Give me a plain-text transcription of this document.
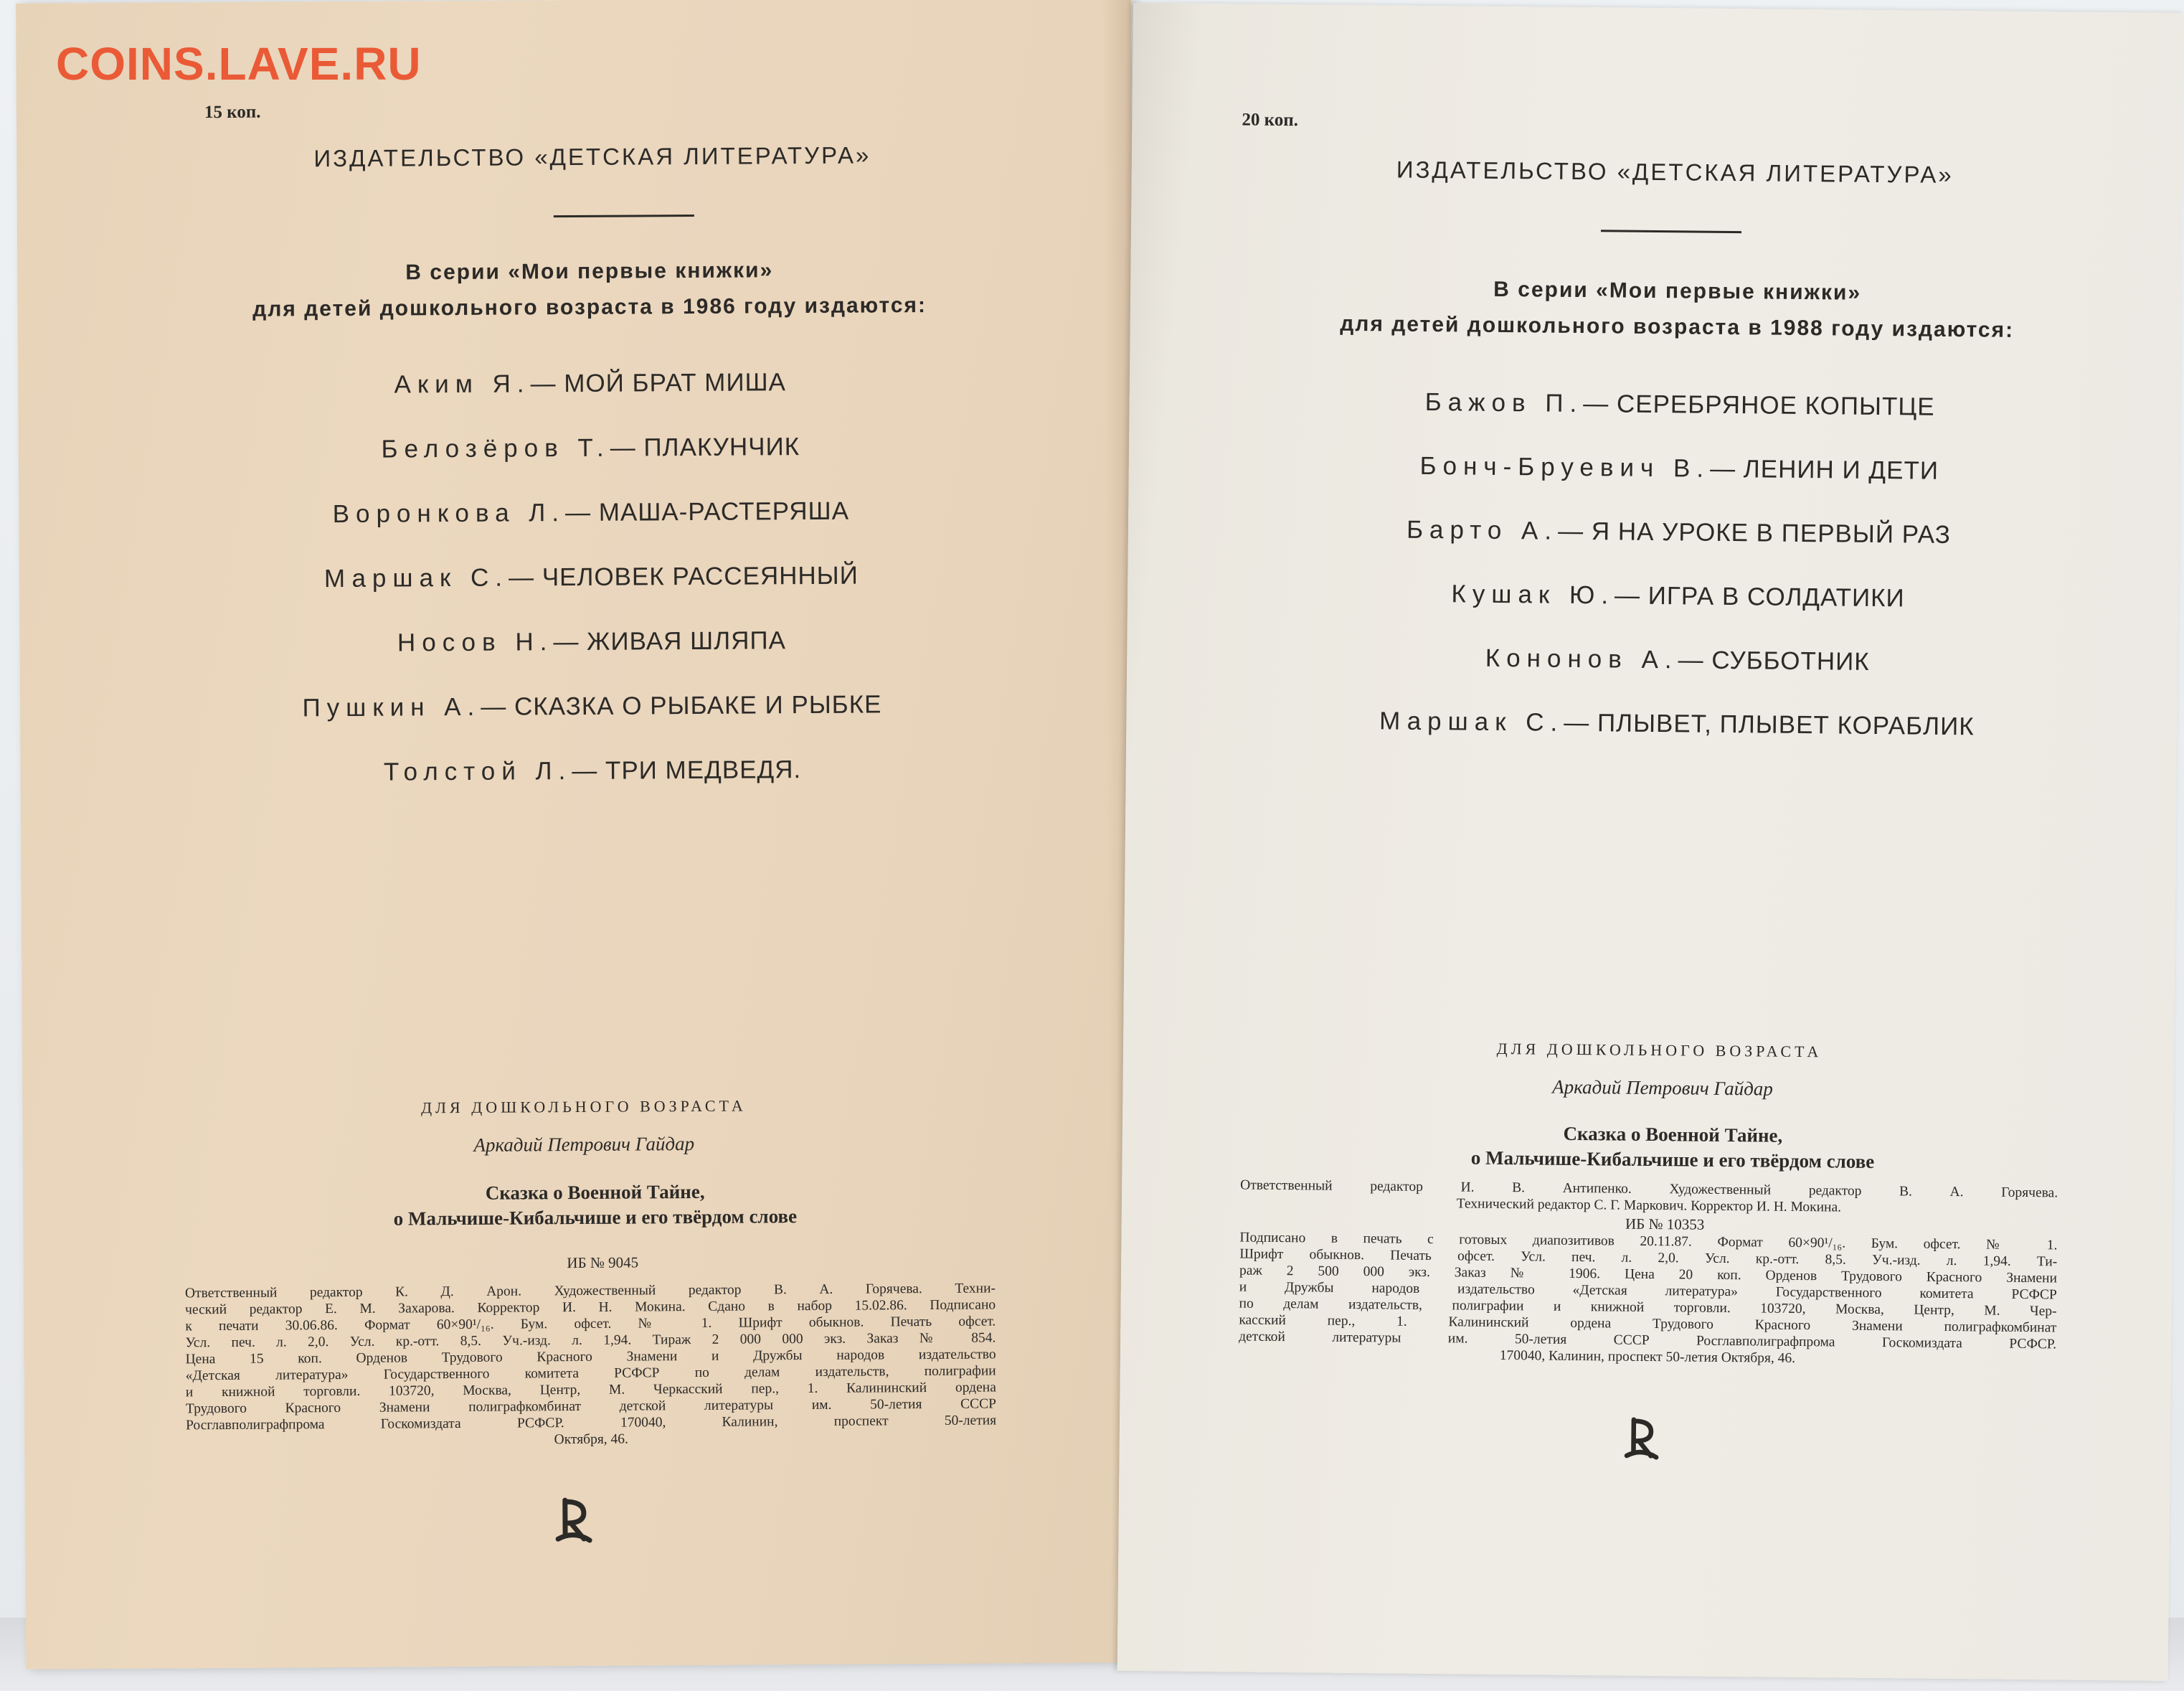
COINS.LAVE.RU
15 коп.
ИЗДАТЕЛЬСТВО «ДЕТСКАЯ ЛИТЕРАТУРА»
В серии «Мои первые книжки»
для детей дошкольного возраста в 1986 году издаются:
Аким Я.— МОЙ БРАТ МИША
Белозёров Т.— ПЛАКУНЧИК
Воронкова Л.— МАША-РАСТЕРЯША
Маршак С.— ЧЕЛОВЕК РАССЕЯННЫЙ
Носов Н.— ЖИВАЯ ШЛЯПА
Пушкин А.— СКАЗКА О РЫБАКЕ И РЫБКЕ
Толстой Л.— ТРИ МЕДВЕДЯ.
ДЛЯ ДОШКОЛЬНОГО ВОЗРАСТА
Аркадий Петрович Гайдар
Сказка о Военной Тайне,
о Мальчише-Кибальчише и его твёрдом слове
ИБ № 9045
Ответственный редактор К. Д. Арон. Художественный редактор В. А. Горячева. Техни-
ческий редактор Е. М. Захарова. Корректор И. Н. Мокина. Сдано в набор 15.02.86. Подписано
к печати 30.06.86. Формат 60×90¹/₁₆. Бум. офсет. № 1. Шрифт обыкнов. Печать офсет.
Усл. печ. л. 2,0. Усл. кр.-отт. 8,5. Уч.-изд. л. 1,94. Тираж 2 000 000 экз. Заказ № 854.
Цена 15 коп. Орденов Трудового Красного Знамени и Дружбы народов издательство
«Детская литература» Государственного комитета РСФСР по делам издательств, полиграфии
и книжной торговли. 103720, Москва, Центр, М. Черкасский пер., 1. Калининский ордена
Трудового Красного Знамени полиграфкомбинат детской литературы им. 50-летия СССР
Росглавполиграфпрома Госкомиздата РСФСР. 170040, Калинин, проспект 50-летия
Октября, 46.
20 коп.
ИЗДАТЕЛЬСТВО «ДЕТСКАЯ ЛИТЕРАТУРА»
В серии «Мои первые книжки»
для детей дошкольного возраста в 1988 году издаются:
Бажов П.— СЕРЕБРЯНОЕ КОПЫТЦЕ
Бонч-Бруевич В.— ЛЕНИН И ДЕТИ
Барто А.— Я НА УРОКЕ В ПЕРВЫЙ РАЗ
Кушак Ю.— ИГРА В СОЛДАТИКИ
Кононов А.— СУББОТНИК
Маршак С.— ПЛЫВЕТ, ПЛЫВЕТ КОРАБЛИК
ДЛЯ ДОШКОЛЬНОГО ВОЗРАСТА
Аркадий Петрович Гайдар
Сказка о Военной Тайне,
о Мальчише-Кибальчише и его твёрдом слове
Ответственный редактор И. В. Антипенко. Художественный редактор В. А. Горячева.
Технический редактор С. Г. Маркович. Корректор И. Н. Мокина.
ИБ № 10353
Подписано в печать с готовых диапозитивов 20.11.87. Формат 60×90¹/₁₆. Бум. офсет. № 1.
Шрифт обыкнов. Печать офсет. Усл. печ. л. 2,0. Усл. кр.-отт. 8,5. Уч.-изд. л. 1,94. Ти-
раж 2 500 000 экз. Заказ № 1906. Цена 20 коп. Орденов Трудового Красного Знамени
и Дружбы народов издательство «Детская литература» Государственного комитета РСФСР
по делам издательств, полиграфии и книжной торговли. 103720, Москва, Центр, М. Чер-
касский пер., 1. Калининский ордена Трудового Красного Знамени полиграфкомбинат
детской литературы им. 50-летия СССР Росглавполиграфпрома Госкомиздата РСФСР.
170040, Калинин, проспект 50-летия Октября, 46.
